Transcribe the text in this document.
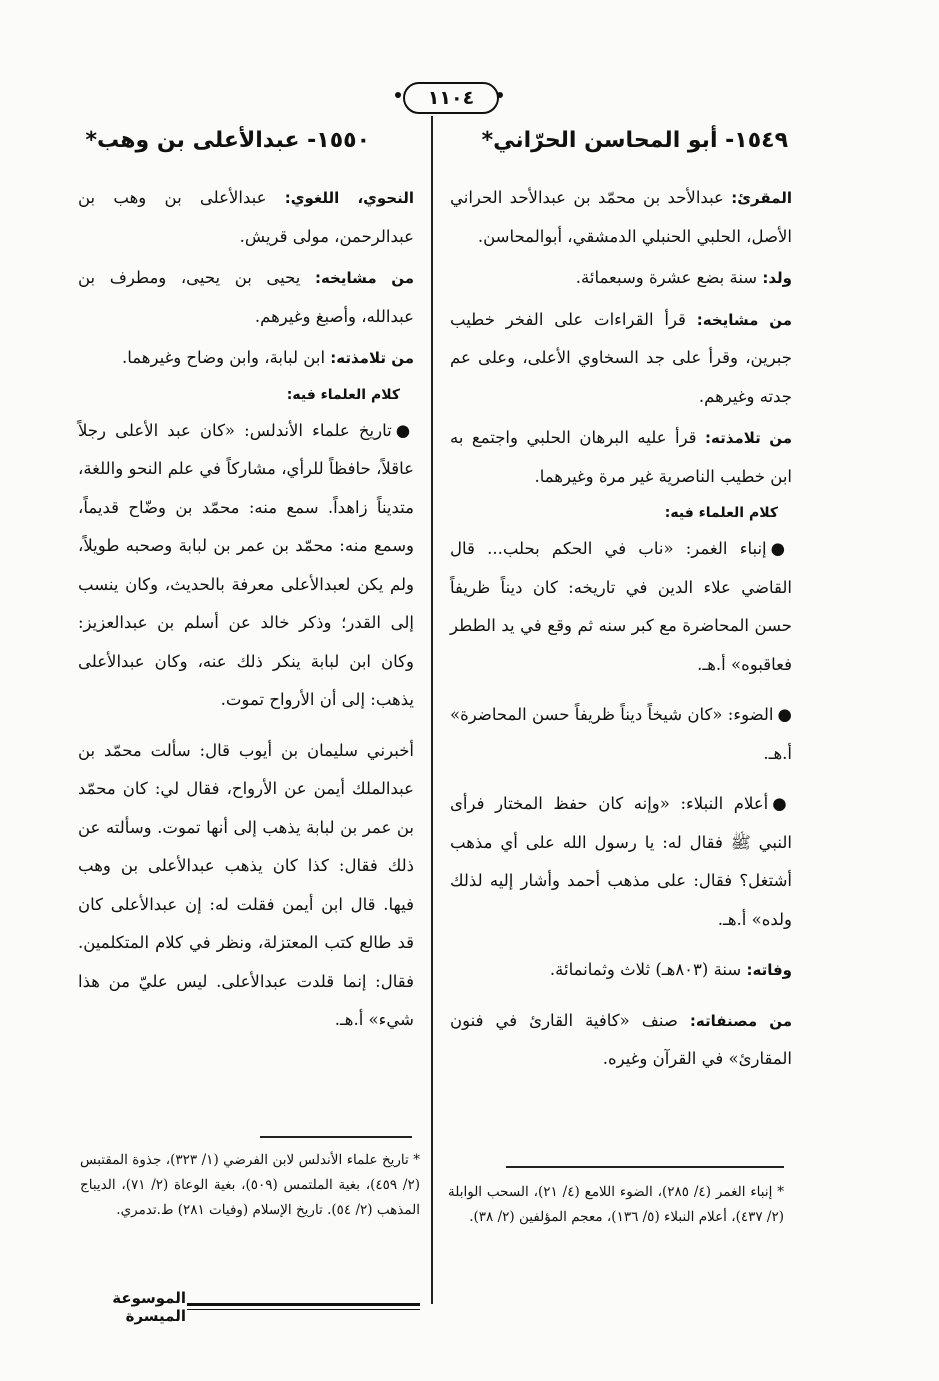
١١٠٤
١٥٤٩- أبو المحاسن الحرّاني*

المقرئ: عبدالأحد بن محمّد بن عبدالأحد الحراني الأصل، الحلبي الحنبلي الدمشقي، أبوالمحاسن.

ولد: سنة بضع عشرة وسبعمائة.

من مشايخه: قرأ القراءات على الفخر خطيب جبرين، وقرأ على جد السخاوي الأعلى، وعلى عم جدته وغيرهم.

من تلامذته: قرأ عليه البرهان الحلبي واجتمع به ابن خطيب الناصرية غير مرة وغيرهما.

كلام العلماء فيه:

●إنباء الغمر: «ناب في الحكم بحلب... قال القاضي علاء الدين في تاريخه: كان ديناً ظريفاً حسن المحاضرة مع كبر سنه ثم وقع في يد الططر فعاقبوه» أ.هـ.

●الضوء: «كان شيخاً ديناً ظريفاً حسن المحاضرة» أ.هـ.

●أعلام النبلاء: «وإنه كان حفظ المختار فرأى النبي ﷺ فقال له: يا رسول الله على أي مذهب أشتغل؟ فقال: على مذهب أحمد وأشار إليه لذلك ولده» أ.هـ.

وفاته: سنة (٨٠٣هـ) ثلاث وثمانمائة.

من مصنفاته: صنف «كافية القارئ في فنون المقارئ» في القرآن وغيره.

١٥٥٠- عبدالأعلى بن وهب*

النحوي، اللغوي: عبدالأعلى بن وهب بن عبدالرحمن، مولى قريش.

من مشايخه: يحيى بن يحيى، ومطرف بن عبدالله، وأصبغ وغيرهم.

من تلامذته: ابن لبابة، وابن وضاح وغيرهما.

كلام العلماء فيه:

●تاريخ علماء الأندلس: «كان عبد الأعلى رجلاً عاقلاً، حافظاً للرأي، مشاركاً في علم النحو واللغة، متديناً زاهداً. سمع منه: محمّد بن وضّاح قديماً، وسمع منه: محمّد بن عمر بن لبابة وصحبه طويلاً، ولم يكن لعبدالأعلى معرفة بالحديث، وكان ينسب إلى القدر؛ وذكر خالد عن أسلم بن عبدالعزيز: وكان ابن لبابة ينكر ذلك عنه، وكان عبدالأعلى يذهب: إلى أن الأرواح تموت.

أخبرني سليمان بن أيوب قال: سألت محمّد بن عبدالملك أيمن عن الأرواح، فقال لي: كان محمّد بن عمر بن لبابة يذهب إلى أنها تموت. وسألته عن ذلك فقال: كذا كان يذهب عبدالأعلى بن وهب فيها. قال ابن أيمن فقلت له: إن عبدالأعلى كان قد طالع كتب المعتزلة، ونظر في كلام المتكلمين. فقال: إنما قلدت عبدالأعلى. ليس عليّ من هذا شيء» أ.هـ.

* تاريخ علماء الأندلس لابن الفرضي (١/ ٣٢٣)، جذوة المقتبس (٢/ ٤٥٩)، بغية الملتمس (٥٠٩)، بغية الوعاة (٢/ ٧١)، الديباج المذهب (٢/ ٥٤). تاريخ الإسلام (وفيات ٢٨١) ط.تدمري.
* إنباء الغمر (٤/ ٢٨٥)، الضوء اللامع (٤/ ٢١)، السحب الوابلة (٢/ ٤٣٧)، أعلام النبلاء (٥/ ١٣٦)، معجم المؤلفين (٢/ ٣٨).
الموسوعة الميسرة
